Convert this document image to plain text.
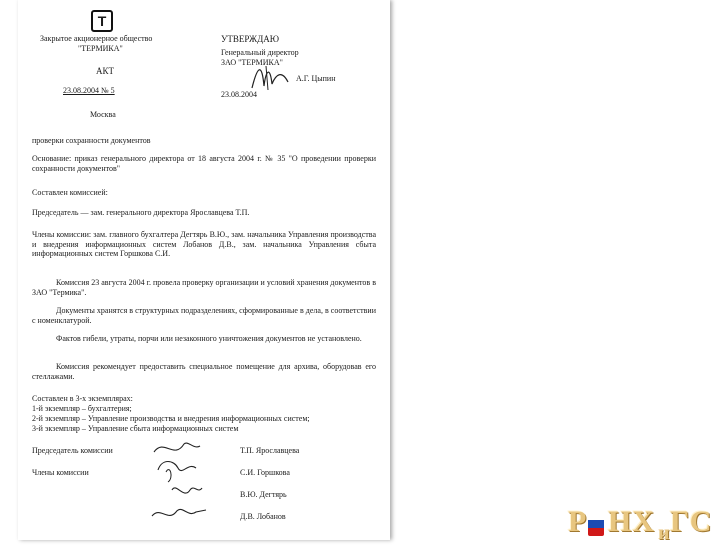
Т
Закрытое акционерное общество
"ТЕРМИКА"
АКТ
23.08.2004 № 5
Москва
УТВЕРЖДАЮ
Генеральный директор
ЗАО "ТЕРМИКА"
А.Г. Цыпин
23.08.2004
проверки сохранности документов
Основание: приказ генерального директора от 18 августа 2004 г. № 35 "О проведении проверки сохранности документов"
Составлен комиссией:
Председатель — зам. генерального директора Ярославцева Т.П.
Члены комиссии: зам. главного бухгалтера Дегтярь В.Ю., зам. начальника Управления производства и внедрения информационных систем Лобанов Д.В., зам. начальника Управления сбыта информационных систем Горшкова С.И.
Комиссия 23 августа 2004 г. провела проверку организации и условий хранения документов в ЗАО "Термика".
Документы хранятся в структурных подразделениях, сформированные в дела, в соответствии с номенклатурой.
Фактов гибели, утраты, порчи или незаконного уничтожения документов не установлено.
Комиссия рекомендует предоставить специальное помещение для архива, оборудовав его стеллажами.
Составлен в 3-х экземплярах:
1-й экземпляр – бухгалтерия;
2-й экземпляр – Управление производства и внедрения информационных систем;
3-й экземпляр – Управление сбыта информационных систем
Председатель комиссии
Члены комиссии
Т.П. Ярославцева
С.И. Горшкова
В.Ю. Дегтярь
Д.В. Лобанов	Р НХ и ГС
